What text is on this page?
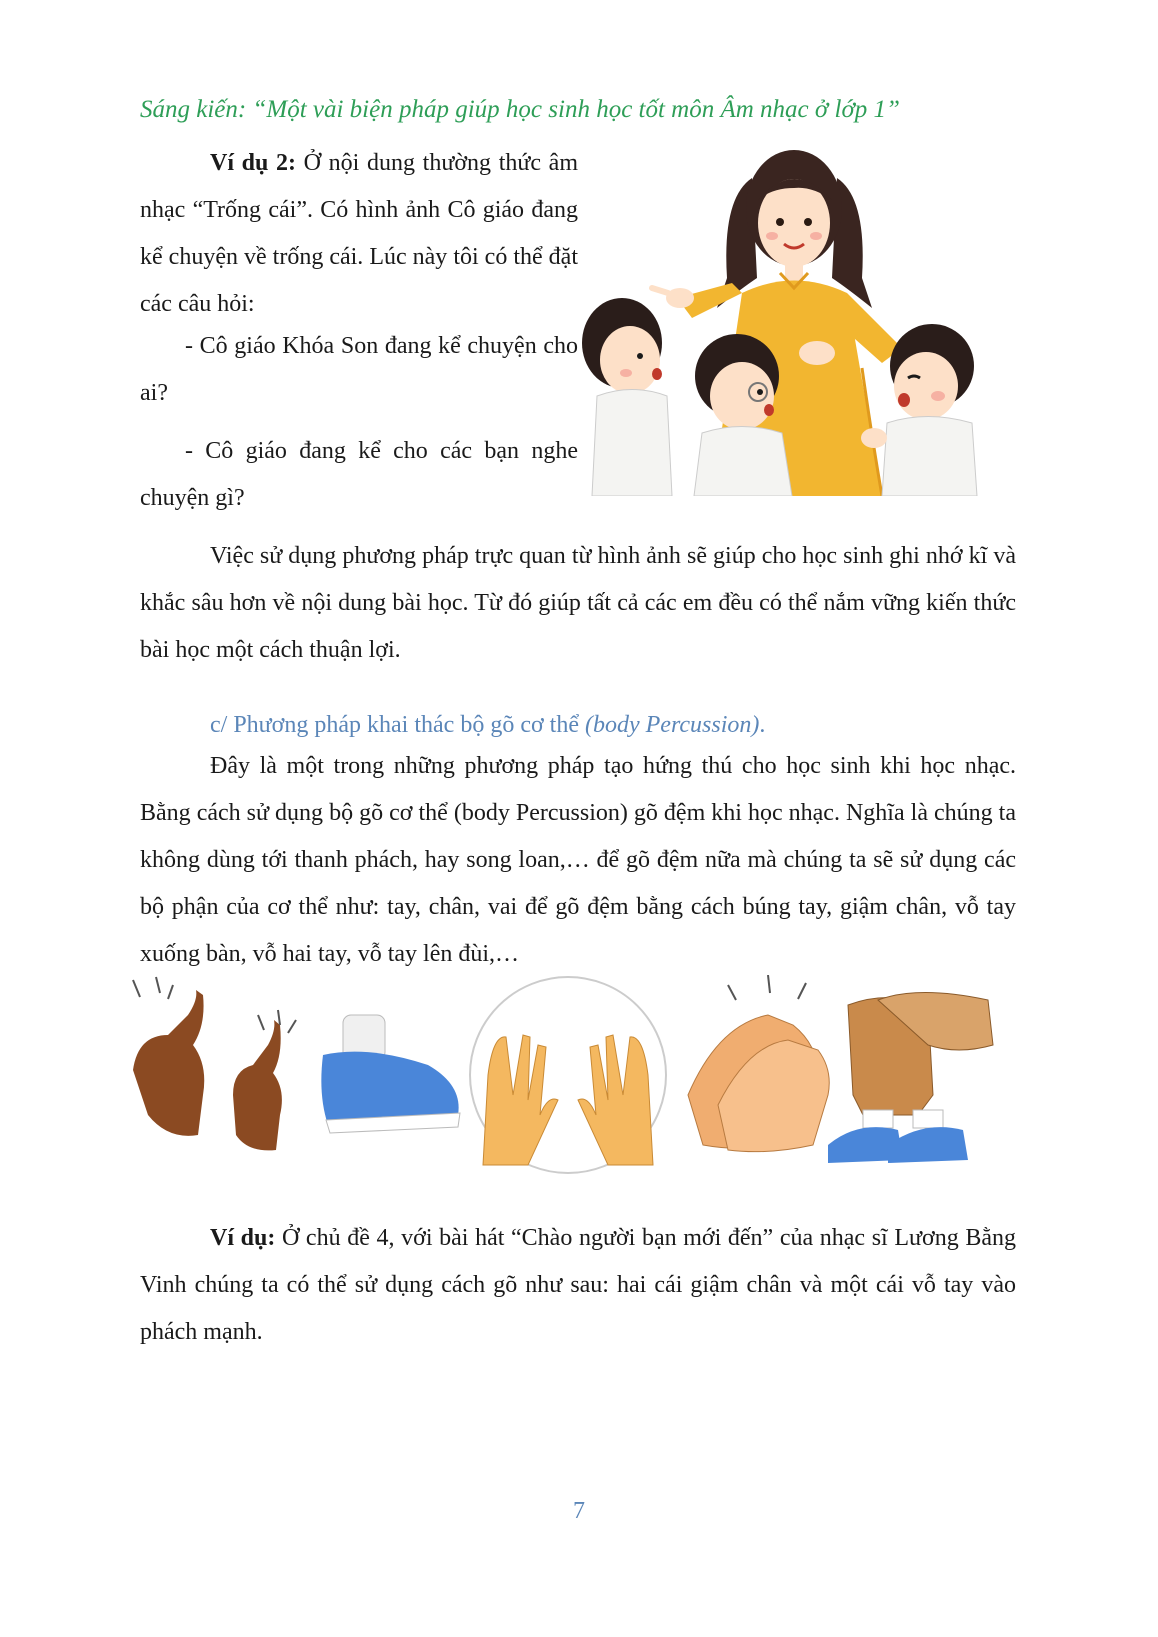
Sáng kiến: “Một vài biện pháp giúp học sinh học tốt môn Âm nhạc ở lớp 1”
Ví dụ 2: Ở nội dung thường thức âm nhạc “Trống cái”. Có hình ảnh Cô giáo đang kể chuyện về trống cái. Lúc này tôi có thể đặt các câu hỏi:
- Cô giáo Khóa Son đang kể chuyện cho ai?
- Cô giáo đang kể cho các bạn nghe chuyện gì?
Việc sử dụng phương pháp trực quan từ hình ảnh sẽ giúp cho học sinh ghi nhớ kĩ và khắc sâu hơn về nội dung bài học. Từ đó giúp tất cả các em đều có thể nắm vững kiến thức bài học một cách thuận lợi.
c/ Phương pháp khai thác bộ gõ cơ thể (body Percussion).
Đây là một trong những phương pháp tạo hứng thú cho học sinh khi học nhạc. Bằng cách sử dụng bộ gõ cơ thể (body Percussion) gõ đệm khi học nhạc. Nghĩa là chúng ta không dùng tới thanh phách, hay song loan,… để gõ đệm nữa mà chúng ta sẽ sử dụng các bộ phận của cơ thể như: tay, chân, vai để gõ đệm bằng cách búng tay, giậm chân, vỗ tay xuống bàn, vỗ hai tay, vỗ tay lên đùi,…
Ví dụ: Ở chủ đề 4, với bài hát “Chào người bạn mới đến” của nhạc sĩ Lương Bằng Vinh chúng ta có thể sử dụng cách gõ như sau: hai cái giậm chân và một cái vỗ tay vào phách mạnh.
7
